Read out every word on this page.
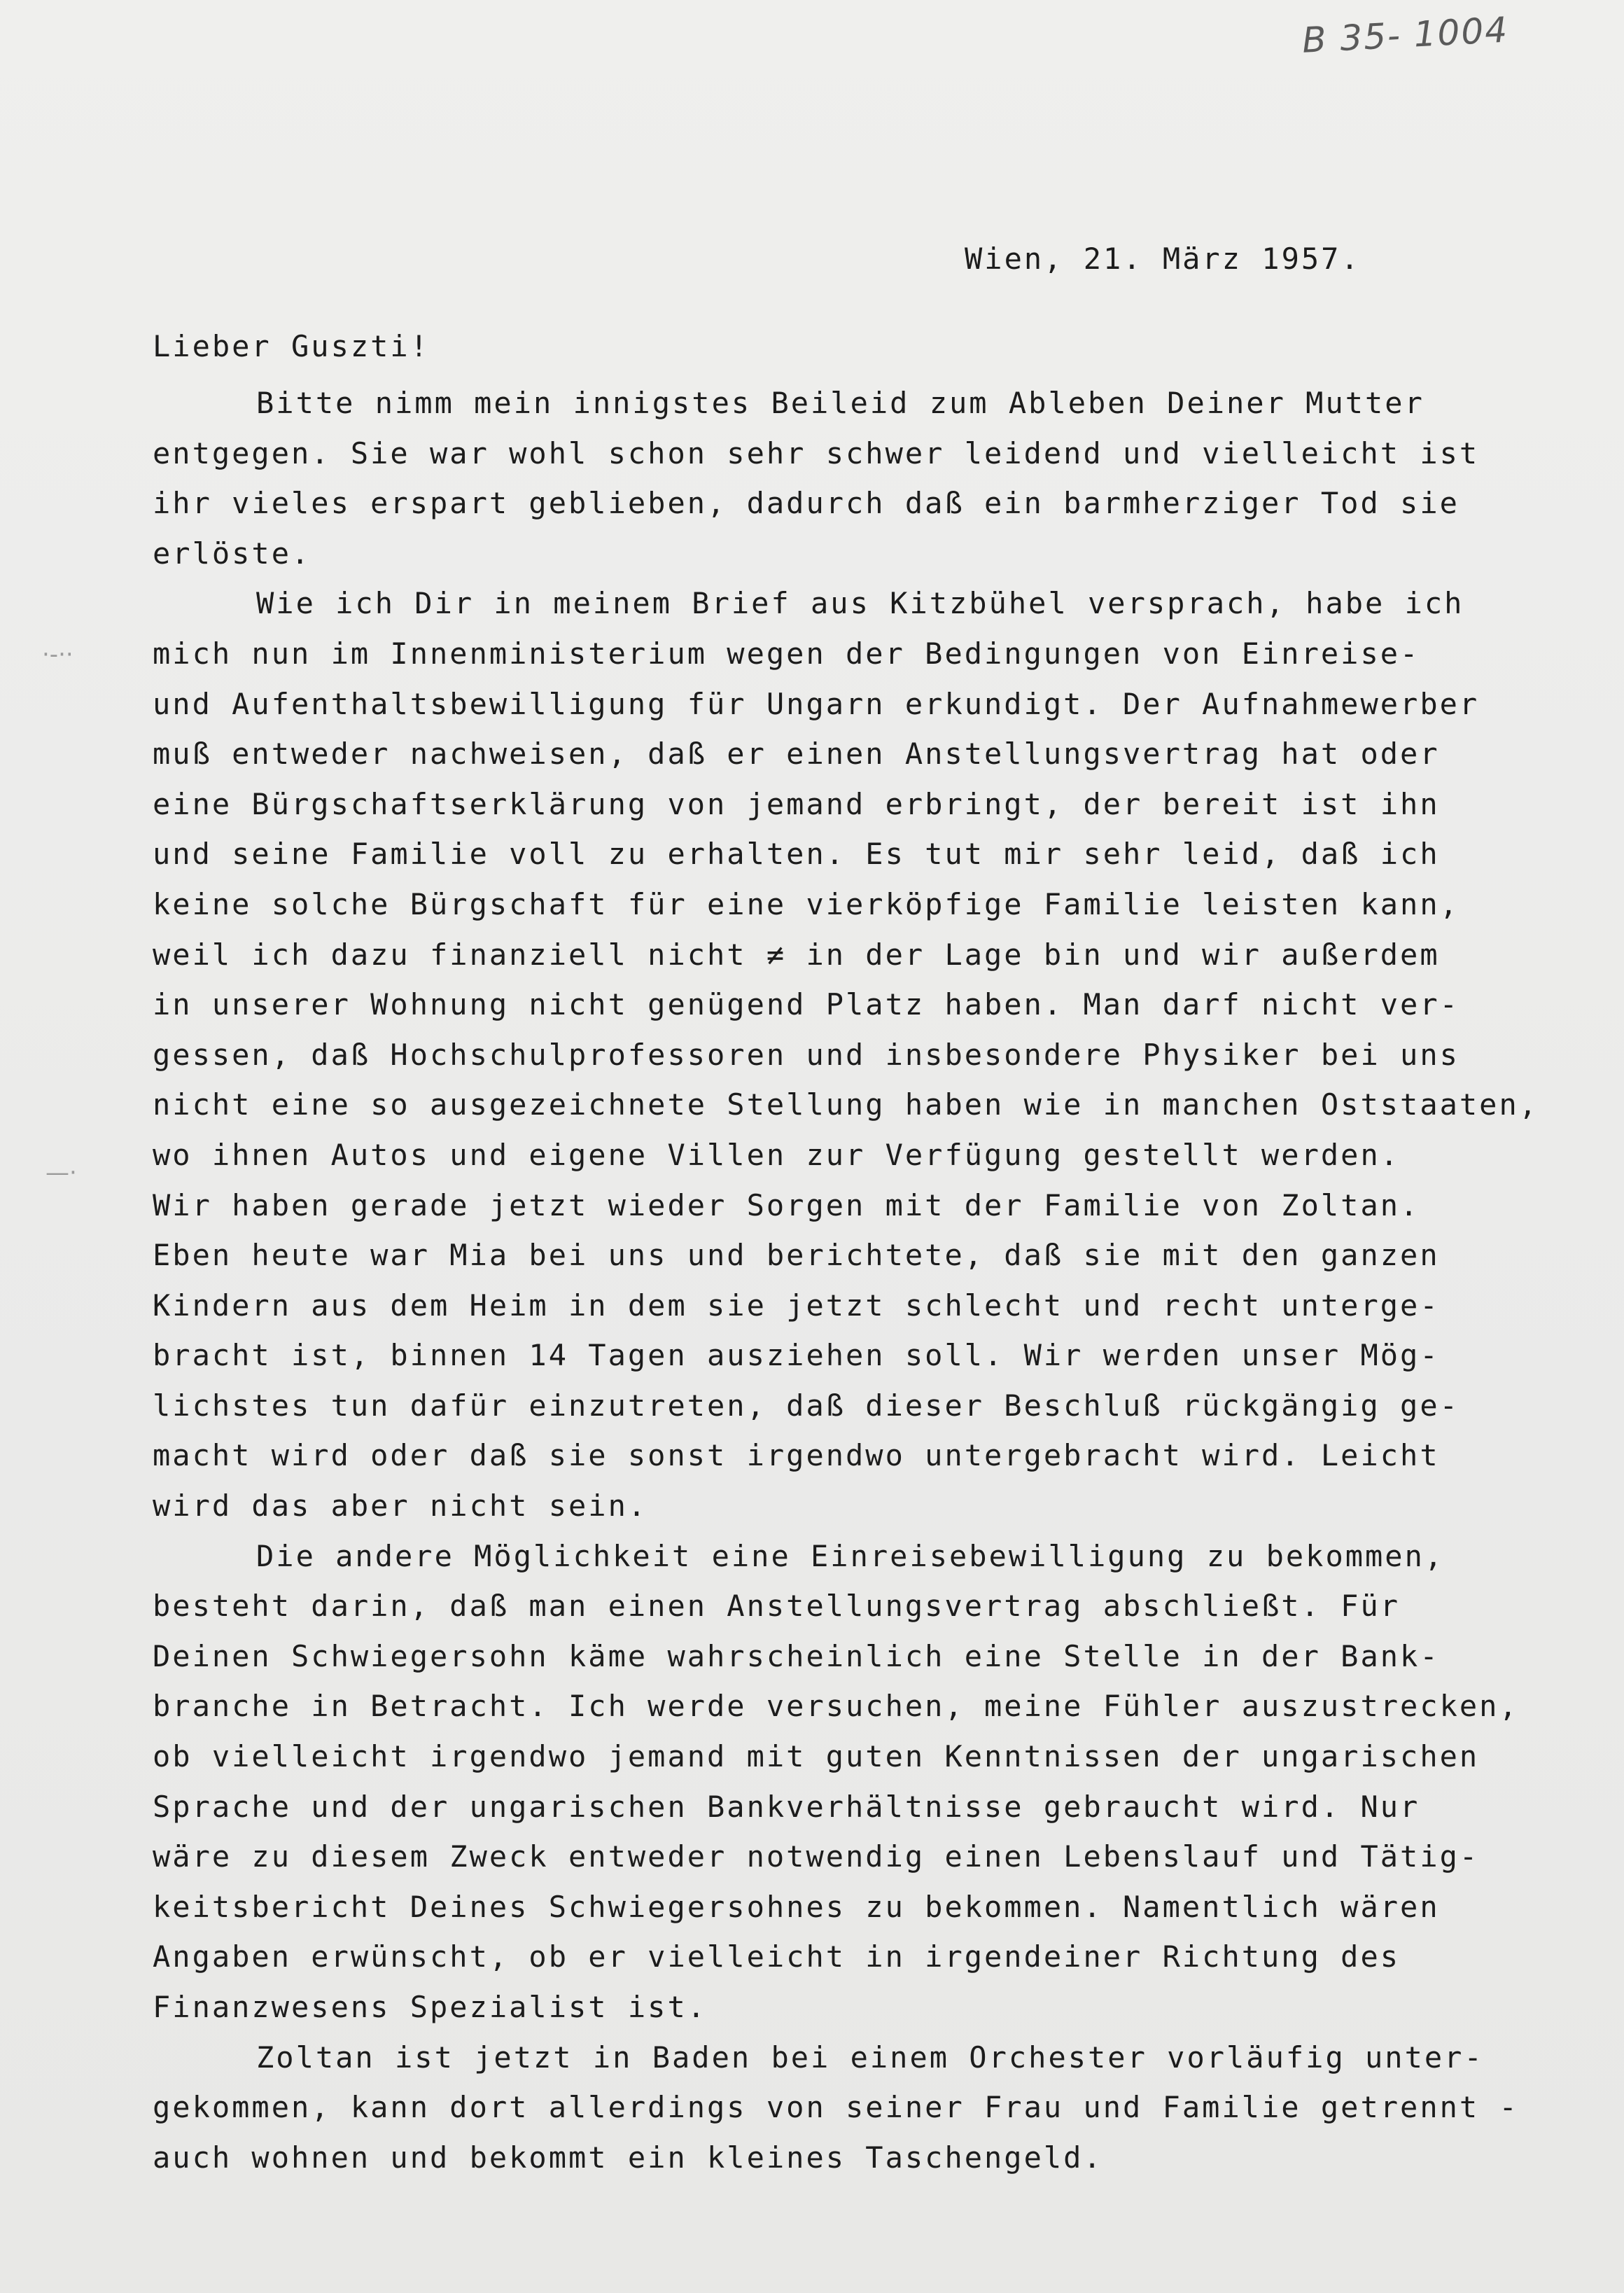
B 35- 1004
Wien, 21. März 1957.
Lieber Guszti!
Bitte nimm mein innigstes Beileid zum Ableben Deiner Mutter
entgegen. Sie war wohl schon sehr schwer leidend und vielleicht ist
ihr vieles erspart geblieben, dadurch daß ein barmherziger Tod sie
erlöste.
Wie ich Dir in meinem Brief aus Kitzbühel versprach, habe ich
mich nun im Innenministerium wegen der Bedingungen von Einreise-
und Aufenthaltsbewilligung für Ungarn erkundigt. Der Aufnahmewerber
muß entweder nachweisen, daß er einen Anstellungsvertrag hat oder
eine Bürgschaftserklärung von jemand erbringt, der bereit ist ihn
und seine Familie voll zu erhalten. Es tut mir sehr leid, daß ich
keine solche Bürgschaft für eine vierköpfige Familie leisten kann,
weil ich dazu finanziell nicht ≠ in der Lage bin und wir außerdem
in unserer Wohnung nicht genügend Platz haben. Man darf nicht ver-
gessen, daß Hochschulprofessoren und insbesondere Physiker bei uns
nicht eine so ausgezeichnete Stellung haben wie in manchen Oststaaten,
wo ihnen Autos und eigene Villen zur Verfügung gestellt werden.
Wir haben gerade jetzt wieder Sorgen mit der Familie von Zoltan.
Eben heute war Mia bei uns und berichtete, daß sie mit den ganzen
Kindern aus dem Heim in dem sie jetzt schlecht und recht unterge-
bracht ist, binnen 14 Tagen ausziehen soll. Wir werden unser Mög-
lichstes tun dafür einzutreten, daß dieser Beschluß rückgängig ge-
macht wird oder daß sie sonst irgendwo untergebracht wird. Leicht
wird das aber nicht sein.
Die andere Möglichkeit eine Einreisebewilligung zu bekommen,
besteht darin, daß man einen Anstellungsvertrag abschließt. Für
Deinen Schwiegersohn käme wahrscheinlich eine Stelle in der Bank-
branche in Betracht. Ich werde versuchen, meine Fühler auszustrecken,
ob vielleicht irgendwo jemand mit guten Kenntnissen der ungarischen
Sprache und der ungarischen Bankverhältnisse gebraucht wird. Nur
wäre zu diesem Zweck entweder notwendig einen Lebenslauf und Tätig-
keitsbericht Deines Schwiegersohnes zu bekommen. Namentlich wären
Angaben erwünscht, ob er vielleicht in irgendeiner Richtung des
Finanzwesens Spezialist ist.
Zoltan ist jetzt in Baden bei einem Orchester vorläufig unter-
gekommen, kann dort allerdings von seiner Frau und Familie getrennt -
auch wohnen und bekommt ein kleines Taschengeld.
·-··
—·
